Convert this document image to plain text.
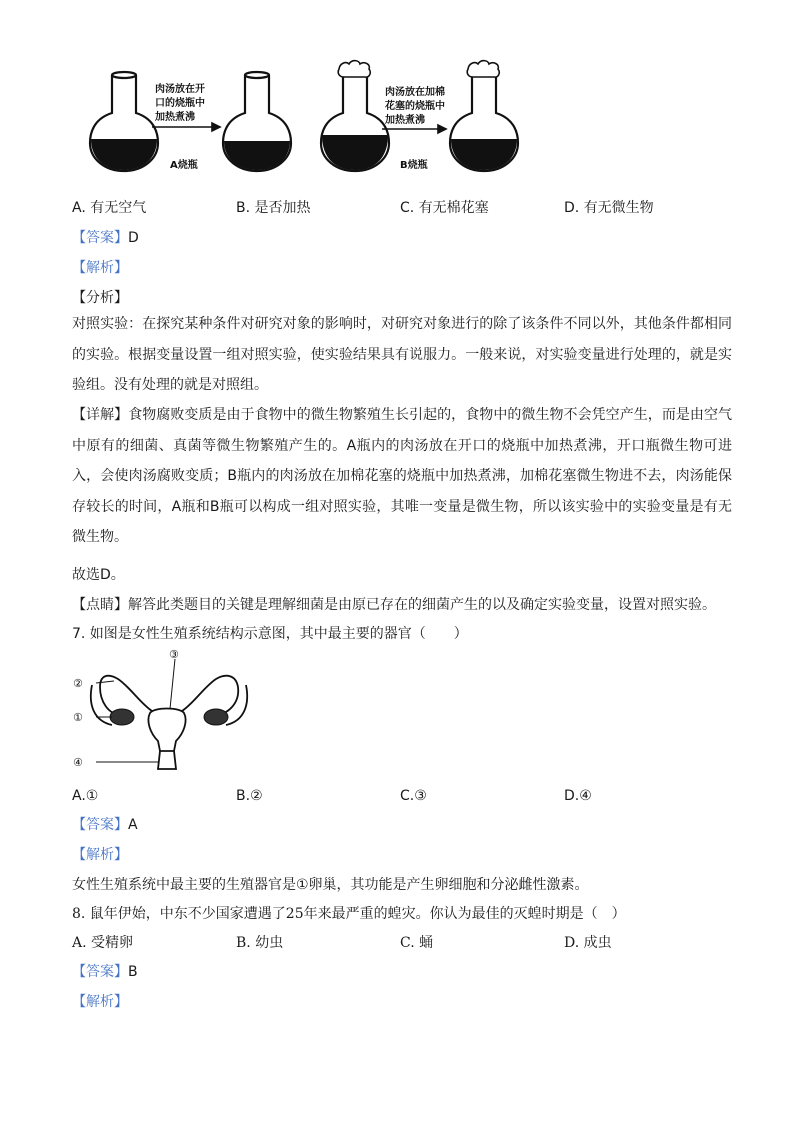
肉汤放在开
口的烧瓶中
加热煮沸
肉汤放在加棉
花塞的烧瓶中
加热煮沸
A烧瓶	B烧瓶
A. 有无空气	B. 是否加热	C. 有无棉花塞	D. 有无微生物
【答案】D
【解析】
【分析】
对照实验：在探究某种条件对研究对象的影响时，对研究对象进行的除了该条件不同以外，其他条件都相同的实验。根据变量设置一组对照实验，使实验结果具有说服力。一般来说，对实验变量进行处理的，就是实验组。没有处理的就是对照组。
【详解】食物腐败变质是由于食物中的微生物繁殖生长引起的，食物中的微生物不会凭空产生，而是由空气中原有的细菌、真菌等微生物繁殖产生的。A瓶内的肉汤放在开口的烧瓶中加热煮沸，开口瓶微生物可进入，会使肉汤腐败变质；B瓶内的肉汤放在加棉花塞的烧瓶中加热煮沸，加棉花塞微生物进不去，肉汤能保存较长的时间，A瓶和B瓶可以构成一组对照实验，其唯一变量是微生物，所以该实验中的实验变量是有无微生物。
故选D。
【点睛】解答此类题目的关键是理解细菌是由原已存在的细菌产生的以及确定实验变量，设置对照实验。
7. 如图是女性生殖系统结构示意图，其中最主要的器官（　　）
②
①
③
④
A.①	B.②	C.③	D.④
【答案】A
【解析】
女性生殖系统中最主要的生殖器官是①卵巢，其功能是产生卵细胞和分泌雌性激素。
8. 鼠年伊始，中东不少国家遭遇了25年来最严重的蝗灾。你认为最佳的灭蝗时期是（　）
A. 受精卵	B. 幼虫	C. 蛹	D. 成虫
【答案】B
【解析】
